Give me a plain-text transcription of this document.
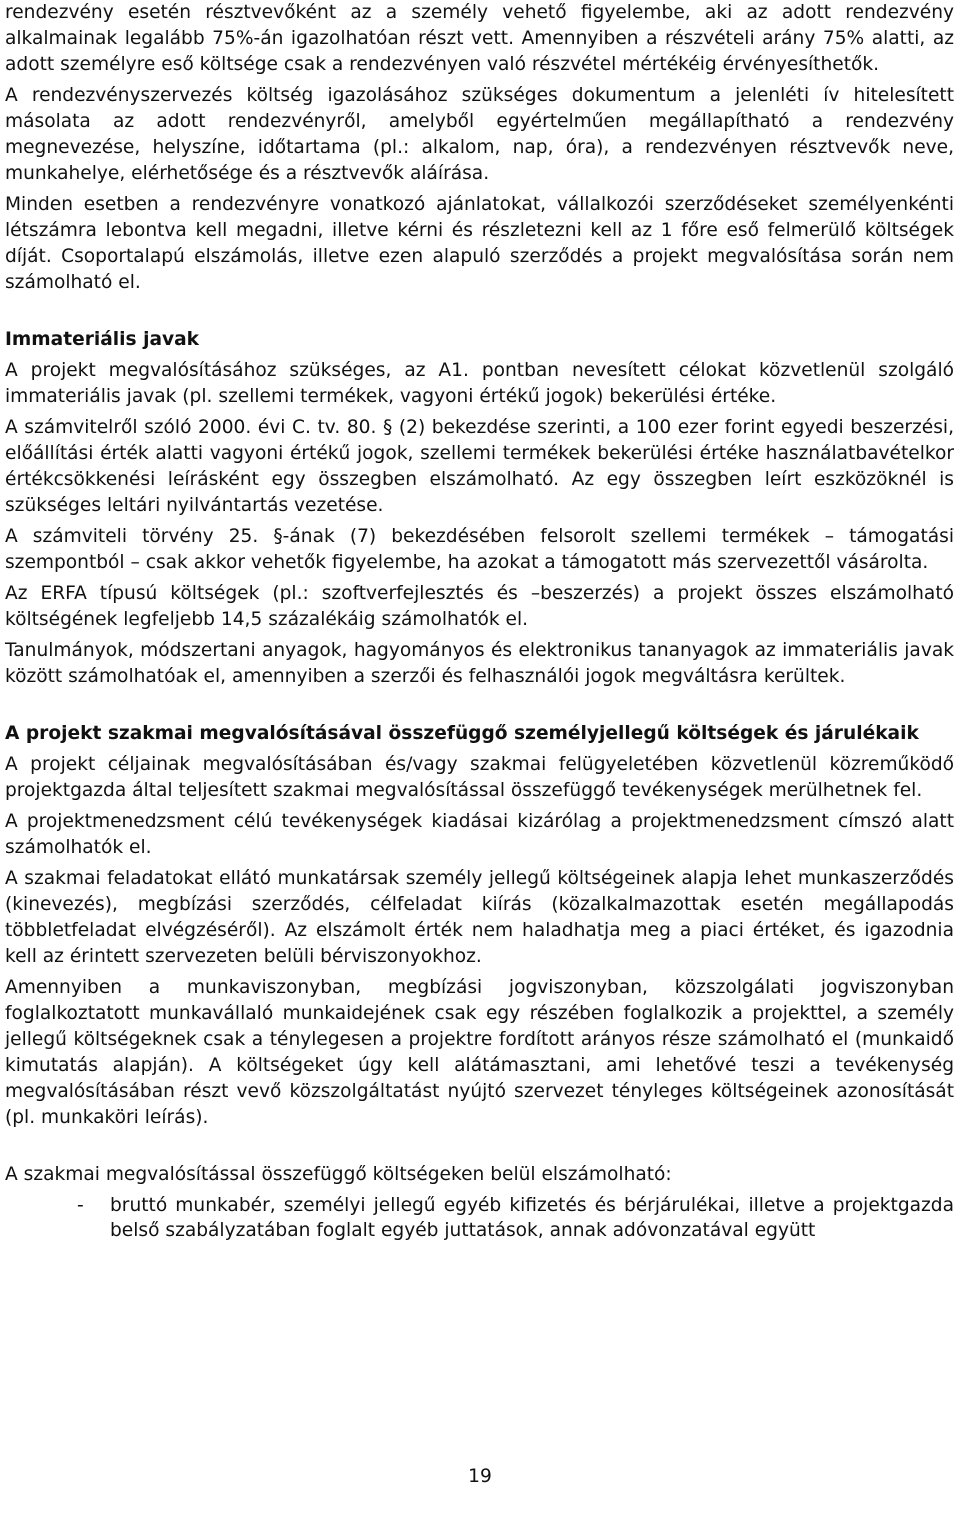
rendezvény esetén résztvevőként az a személy vehető figyelembe, aki az adott rendezvény alkalmainak legalább 75%-án igazolhatóan részt vett. Amennyiben a részvételi arány 75% alatti, az adott személyre eső költsége csak a rendezvényen való részvétel mértékéig érvényesíthetők.

A rendezvényszervezés költség igazolásához szükséges dokumentum a jelenléti ív hitelesített másolata az adott rendezvényről, amelyből egyértelműen megállapítható a rendezvény megnevezése, helyszíne, időtartama (pl.: alkalom, nap, óra), a rendezvényen résztvevők neve, munkahelye, elérhetősége és a résztvevők aláírása.

Minden esetben a rendezvényre vonatkozó ajánlatokat, vállalkozói szerződéseket személyenkénti létszámra lebontva kell megadni, illetve kérni és részletezni kell az 1 főre eső felmerülő költségek díját. Csoportalapú elszámolás, illetve ezen alapuló szerződés a projekt megvalósítása során nem számolható el.

Immateriális javak

A projekt megvalósításához szükséges, az A1. pontban nevesített célokat közvetlenül szolgáló immateriális javak (pl. szellemi termékek, vagyoni értékű jogok) bekerülési értéke.

A számvitelről szóló 2000. évi C. tv. 80. § (2) bekezdése szerinti, a 100 ezer forint egyedi beszerzési, előállítási érték alatti vagyoni értékű jogok, szellemi termékek bekerülési értéke használatbavételkor értékcsökkenési leírásként egy összegben elszámolható. Az egy összegben leírt eszközöknél is szükséges leltári nyilvántartás vezetése.

A számviteli törvény 25. §-ának (7) bekezdésében felsorolt szellemi termékek – támogatási szempontból – csak akkor vehetők figyelembe, ha azokat a támogatott más szervezettől vásárolta.

Az ERFA típusú költségek (pl.: szoftverfejlesztés és –beszerzés) a projekt összes elszámolható költségének legfeljebb 14,5 százalékáig számolhatók el.

Tanulmányok, módszertani anyagok, hagyományos és elektronikus tananyagok az immateriális javak között számolhatóak el, amennyiben a szerzői és felhasználói jogok megváltásra kerültek.

A projekt szakmai megvalósításával összefüggő személyjellegű költségek és járulékaik

A projekt céljainak megvalósításában és/vagy szakmai felügyeletében közvetlenül közreműködő projektgazda által teljesített szakmai megvalósítással összefüggő tevékenységek merülhetnek fel.

A projektmenedzsment célú tevékenységek kiadásai kizárólag a projektmenedzsment címszó alatt számolhatók el.

A szakmai feladatokat ellátó munkatársak személy jellegű költségeinek alapja lehet munkaszerződés (kinevezés), megbízási szerződés, célfeladat kiírás (közalkalmazottak esetén megállapodás többletfeladat elvégzéséről). Az elszámolt érték nem haladhatja meg a piaci értéket, és igazodnia kell az érintett szervezeten belüli bérviszonyokhoz.

Amennyiben a munkaviszonyban, megbízási jogviszonyban, közszolgálati jogviszonyban foglalkoztatott munkavállaló munkaidejének csak egy részében foglalkozik a projekttel, a személy jellegű költségeknek csak a ténylegesen a projektre fordított arányos része számolható el (munkaidő kimutatás alapján). A költségeket úgy kell alátámasztani, ami lehetővé teszi a tevékenység megvalósításában részt vevő közszolgáltatást nyújtó szervezet tényleges költségeinek azonosítását (pl. munkaköri leírás).

A szakmai megvalósítással összefüggő költségeken belül elszámolható:

- bruttó munkabér, személyi jellegű egyéb kifizetés és bérjárulékai, illetve a projektgazda belső szabályzatában foglalt egyéb juttatások, annak adóvonzatával együtt
19
